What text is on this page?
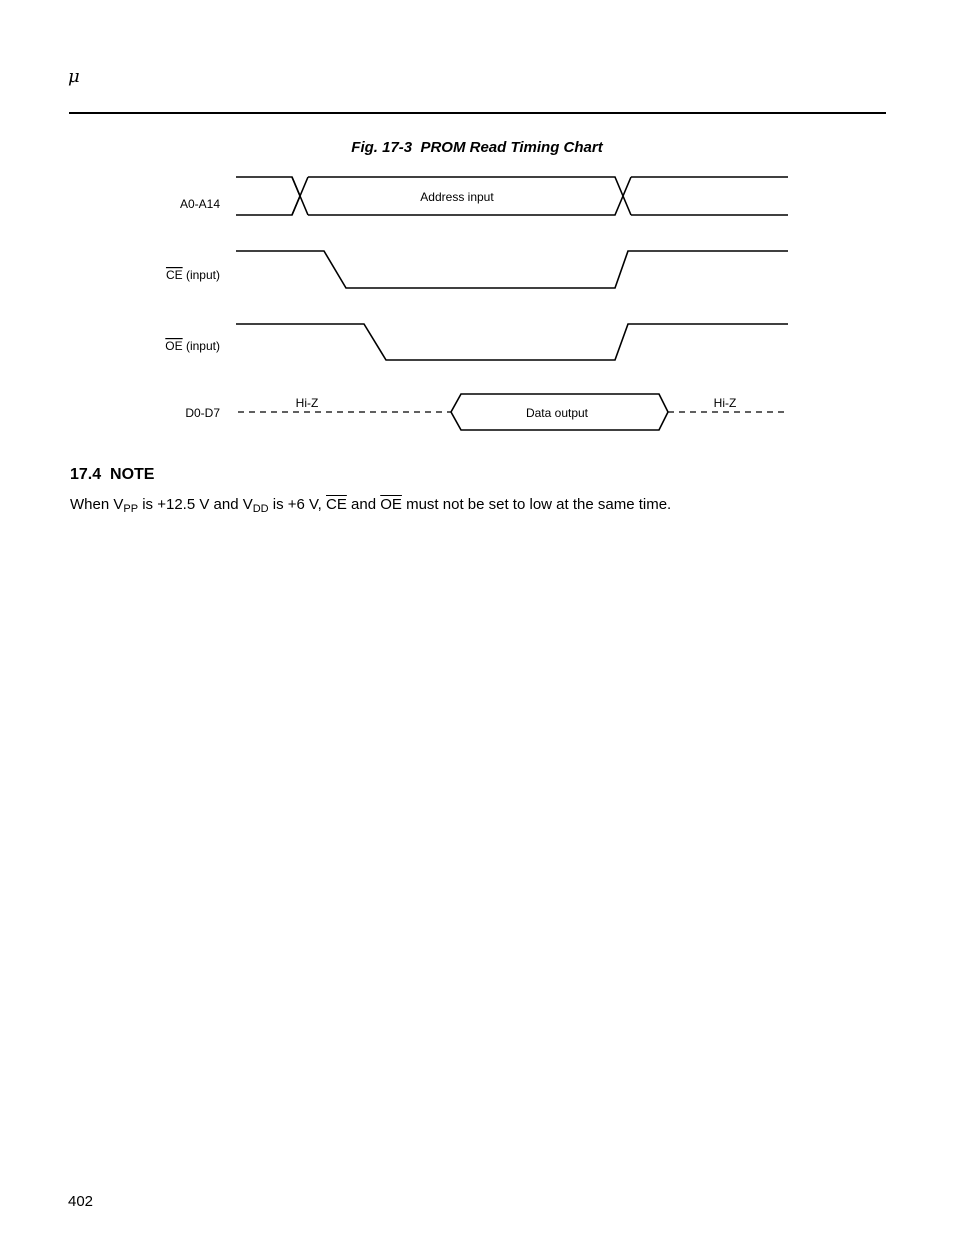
μ
Fig. 17-3  PROM Read Timing Chart
A0-A14
CE (input)
OE (input)
D0-D7
Address input
Data output
Hi-Z	Hi-Z
17.4  NOTE
When $V_{PP}$ is +12.5 V and $V_{DD}$ is +6 V, $\overline{CE}$ and $\overline{OE}$ must not be set to low at the same time.
402
